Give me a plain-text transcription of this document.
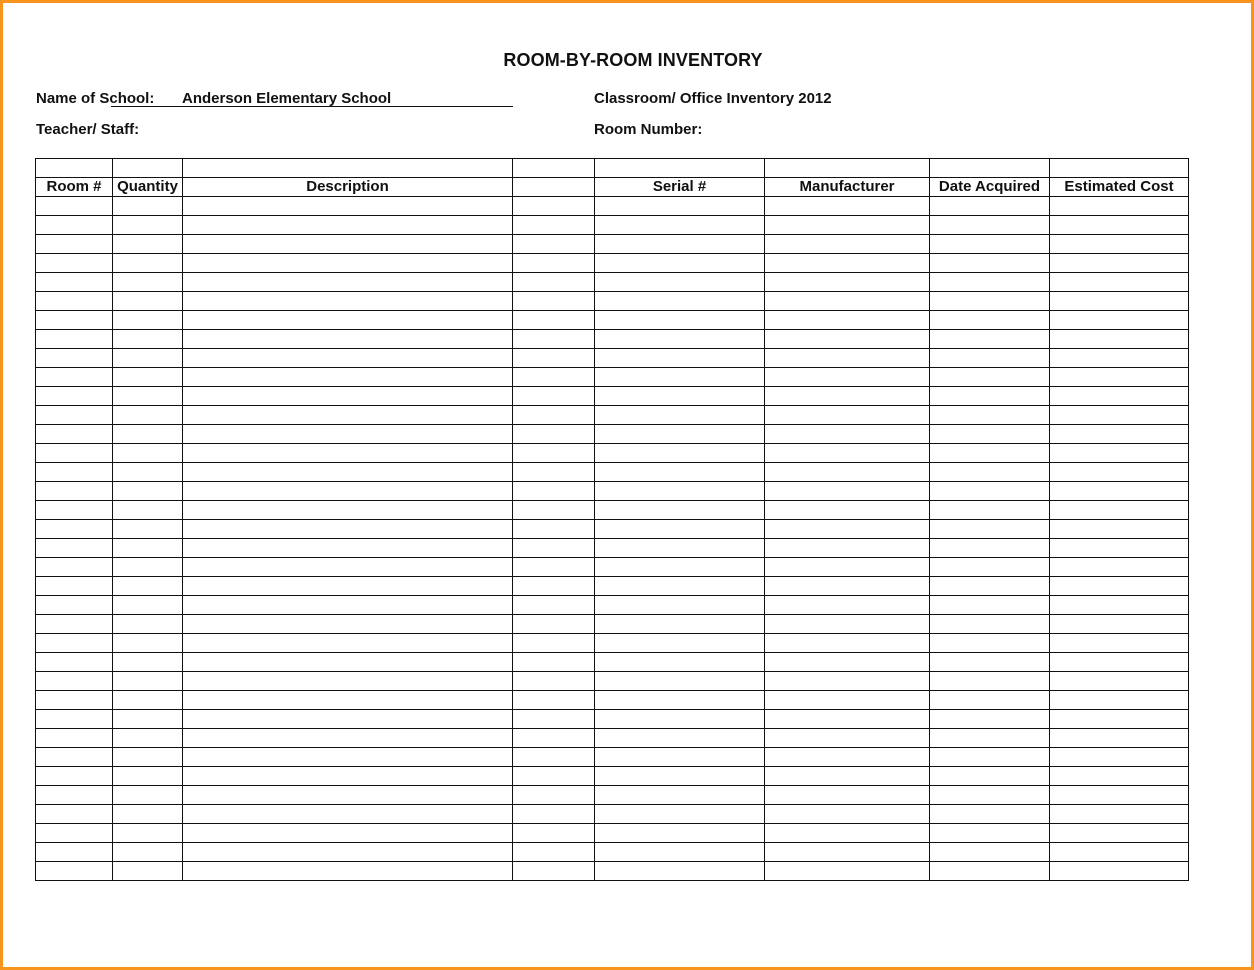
ROOM-BY-ROOM INVENTORY
Name of School: Anderson Elementary School	Classroom/ Office Inventory 2012
Teacher/ Staff:	Room Number:

Room #	Quantity	Description		Serial #	Manufacturer	Date Acquired	Estimated Cost
